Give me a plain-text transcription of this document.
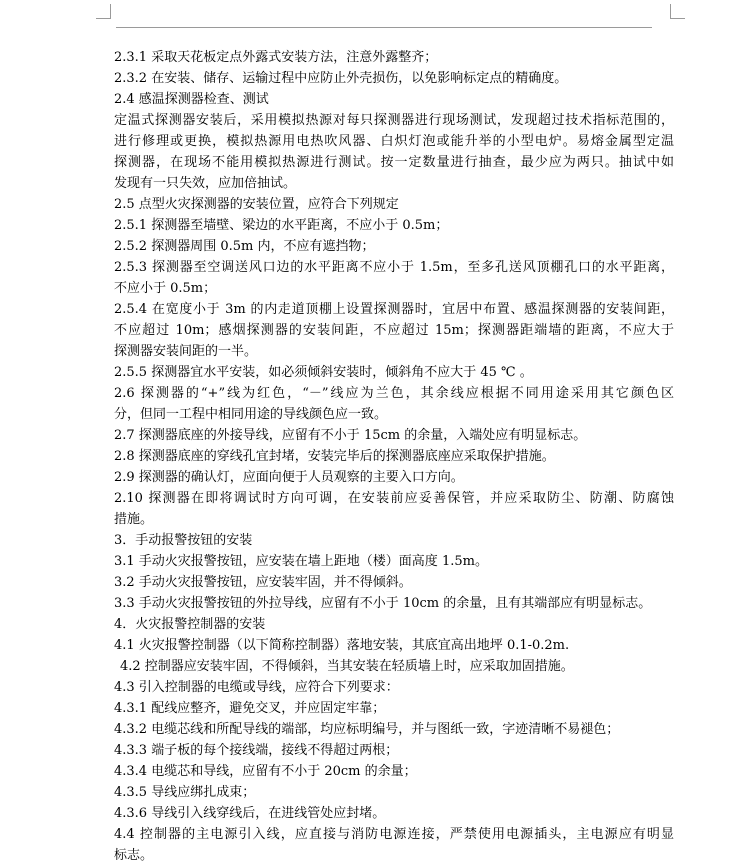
2.3.1 采取天花板定点外露式安装方法，注意外露整齐；
2.3.2 在安装、储存、运输过程中应防止外壳损伤，以免影响标定点的精确度。
2.4 感温探测器检查、测试
定温式探测器安装后，采用模拟热源对每只探测器进行现场测试，发现超过技术指标范围的，
进行修理或更换，模拟热源用电热吹风器、白炽灯泡或能升举的小型电炉。易熔金属型定温
探测器，在现场不能用模拟热源进行测试。按一定数量进行抽查，最少应为两只。抽试中如
发现有一只失效，应加倍抽试。
2.5 点型火灾探测器的安装位置，应符合下列规定
2.5.1 探测器至墙壁、梁边的水平距离，不应小于 0.5m；
2.5.2 探测器周围 0.5m 内，不应有遮挡物；
2.5.3 探测器至空调送风口边的水平距离不应小于 1.5m，至多孔送风顶棚孔口的水平距离，
不应小于 0.5m；
2.5.4 在宽度小于 3m 的内走道顶棚上设置探测器时，宜居中布置、感温探测器的安装间距，
不应超过 10m；感烟探测器的安装间距，不应超过 15m；探测器距端墙的距离，不应大于
探测器安装间距的一半。
2.5.5 探测器宜水平安装，如必须倾斜安装时，倾斜角不应大于 45 ℃ 。
2.6 探测器的“+”线为红色，“－”线应为兰色，其余线应根据不同用途采用其它颜色区
分，但同一工程中相同用途的导线颜色应一致。
2.7 探测器底座的外接导线，应留有不小于 15cm 的余量，入端处应有明显标志。
2.8 探测器底座的穿线孔宜封堵，安装完毕后的探测器底座应采取保护措施。
2.9 探测器的确认灯，应面向便于人员观察的主要入口方向。
2.10 探测器在即将调试时方向可调，在安装前应妥善保管，并应采取防尘、防潮、防腐蚀
措施。
3．手动报警按钮的安装
3.1 手动火灾报警按钮，应安装在墙上距地（楼）面高度 1.5m。
3.2 手动火灾报警按钮，应安装牢固，并不得倾斜。
3.3 手动火灾报警按钮的外拉导线，应留有不小于 10cm 的余量，且有其端部应有明显标志。
4．火灾报警控制器的安装
4.1 火灾报警控制器（以下简称控制器）落地安装，其底宜高出地坪 0.1-0.2m.
4.2 控制器应安装牢固，不得倾斜，当其安装在轻质墙上时，应采取加固措施。
4.3 引入控制器的电缆或导线，应符合下列要求：
4.3.1 配线应整齐，避免交叉，并应固定牢靠；
4.3.2 电缆芯线和所配导线的端部，均应标明编号，并与图纸一致，字迹清晰不易褪色；
4.3.3 端子板的每个接线端，接线不得超过两根；
4.3.4 电缆芯和导线，应留有不小于 20cm 的余量；
4.3.5 导线应绑扎成束；
4.3.6 导线引入线穿线后，在进线管处应封堵。
4.4 控制器的主电源引入线，应直接与消防电源连接，严禁使用电源插头，主电源应有明显
标志。
